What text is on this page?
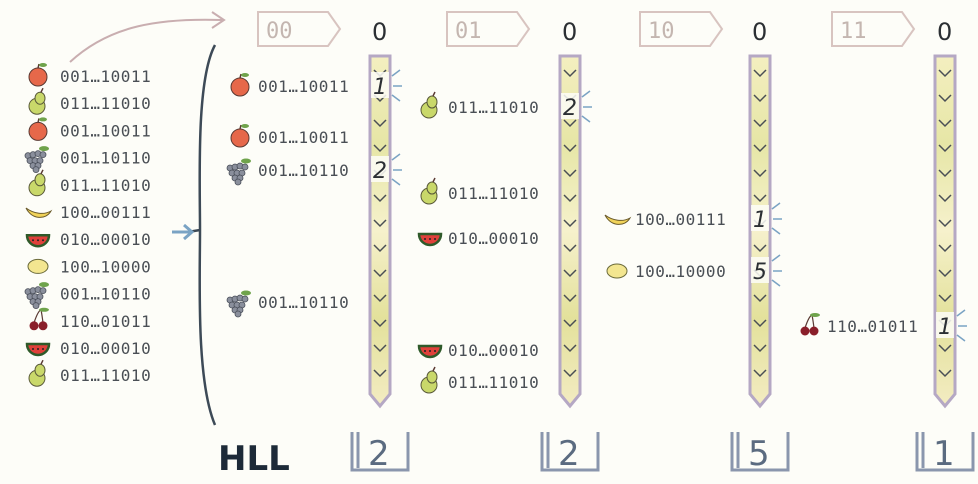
001…10011
011…11010
001…10011
001…10110
011…11010
100…00111
010…00010
100…10000
001…10110
110…01011
010…00010
011…11010
00	0
001…10011 1
001…10011
001…10110 2
001…10110
2
01	0
011…11010 2
011…11010
010…00010
010…00010
011…11010
2
10	0
100…00111 1
100…10000 5
5
11	0
110…01011 1
1
HLL
